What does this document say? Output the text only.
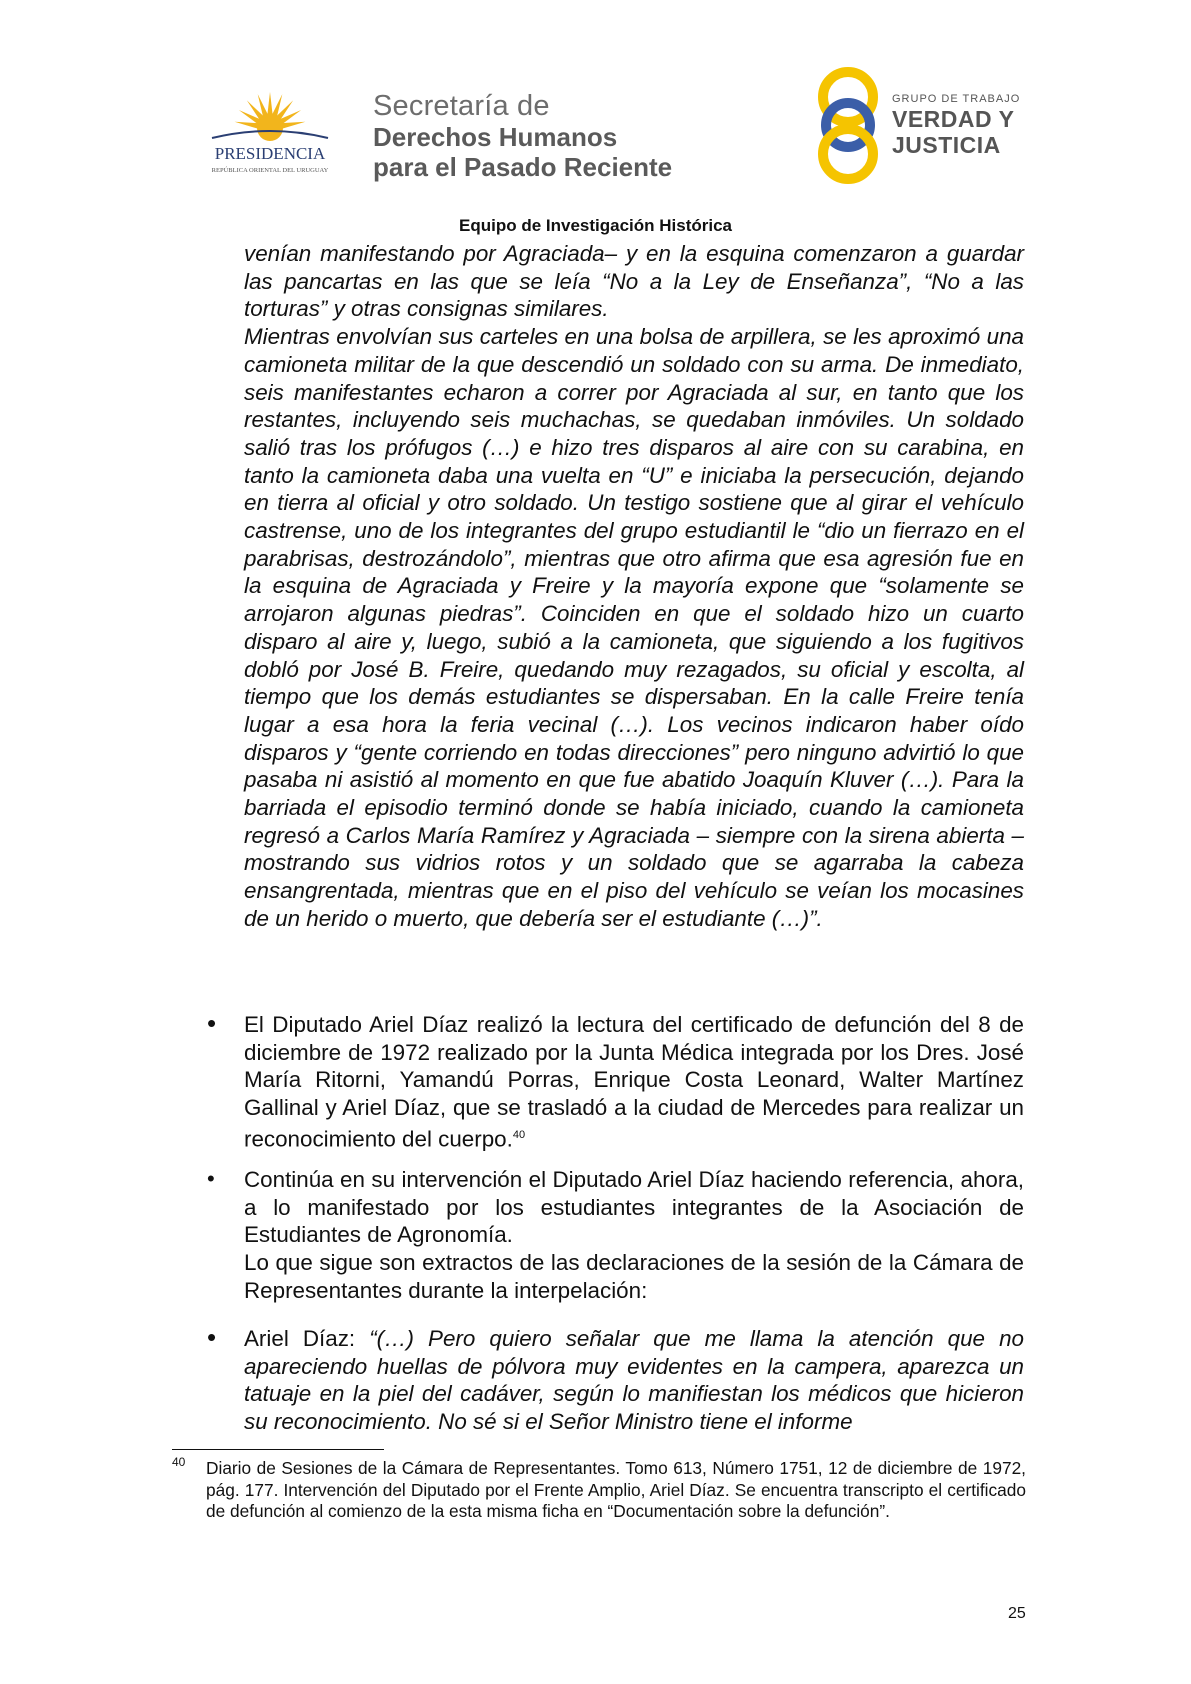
PRESIDENCIA
REPÚBLICA ORIENTAL DEL URUGUAY
Secretaría de
Derechos Humanos
para el Pasado Reciente
GRUPO DE TRABAJO
VERDAD Y
JUSTICIA
Equipo de Investigación Histórica

venían manifestando por Agraciada– y en la esquina comenzaron a guardar las pancartas en las que se leía “No a la Ley de Enseñanza”, “No a las torturas” y otras consignas similares.

Mientras envolvían sus carteles en una bolsa de arpillera, se les aproximó una camioneta militar de la que descendió un soldado con su arma. De inmediato, seis manifestantes echaron a correr por Agraciada al sur, en tanto que los restantes, incluyendo seis muchachas, se quedaban inmóviles. Un soldado salió tras los prófugos (…) e hizo tres disparos al aire con su carabina, en tanto la camioneta daba una vuelta en “U” e iniciaba la persecución, dejando en tierra al oficial y otro soldado. Un testigo sostiene que al girar el vehículo castrense, uno de los integrantes del grupo estudiantil le “dio un fierrazo en el parabrisas, destrozándolo”, mientras que otro afirma que esa agresión fue en la esquina de Agraciada y Freire y la mayoría expone que “solamente se arrojaron algunas piedras”. Coinciden en que el soldado hizo un cuarto disparo al aire y, luego, subió a la camioneta, que siguiendo a los fugitivos dobló por José B. Freire, quedando muy rezagados, su oficial y escolta, al tiempo que los demás estudiantes se dispersaban. En la calle Freire tenía lugar a esa hora la feria vecinal (…). Los vecinos indicaron haber oído disparos y “gente corriendo en todas direcciones” pero ninguno advirtió lo que pasaba ni asistió al momento en que fue abatido Joaquín Kluver (…). Para la barriada el episodio terminó donde se había iniciado, cuando la camioneta regresó a Carlos María Ramírez y Agraciada – siempre con la sirena abierta – mostrando sus vidrios rotos y un soldado que se agarraba la cabeza ensangrentada, mientras que en el piso del vehículo se veían los mocasines de un herido o muerto, que debería ser el estudiante (…)”.

• El Diputado Ariel Díaz realizó la lectura del certificado de defunción del 8 de diciembre de 1972 realizado por la Junta Médica integrada por los Dres. José María Ritorni, Yamandú Porras, Enrique Costa Leonard, Walter Martínez Gallinal y Ariel Díaz, que se trasladó a la ciudad de Mercedes para realizar un reconocimiento del cuerpo.$^{40}$
• Continúa en su intervención el Diputado Ariel Díaz haciendo referencia, ahora, a lo manifestado por los estudiantes integrantes de la Asociación de Estudiantes de Agronomía.

Lo que sigue son extractos de las declaraciones de la sesión de la Cámara de Representantes durante la interpelación:

• Ariel Díaz: “(…) Pero quiero señalar que me llama la atención que no apareciendo huellas de pólvora muy evidentes en la campera, aparezca un tatuaje en la piel del cadáver, según lo manifiestan los médicos que hicieron su reconocimiento. No sé si el Señor Ministro tiene el informe
40 Diario de Sesiones de la Cámara de Representantes. Tomo 613, Número 1751, 12 de diciembre de 1972, pág. 177. Intervención del Diputado por el Frente Amplio, Ariel Díaz. Se encuentra transcripto el certificado de defunción al comienzo de la esta misma ficha en “Documentación sobre la defunción”.
25
